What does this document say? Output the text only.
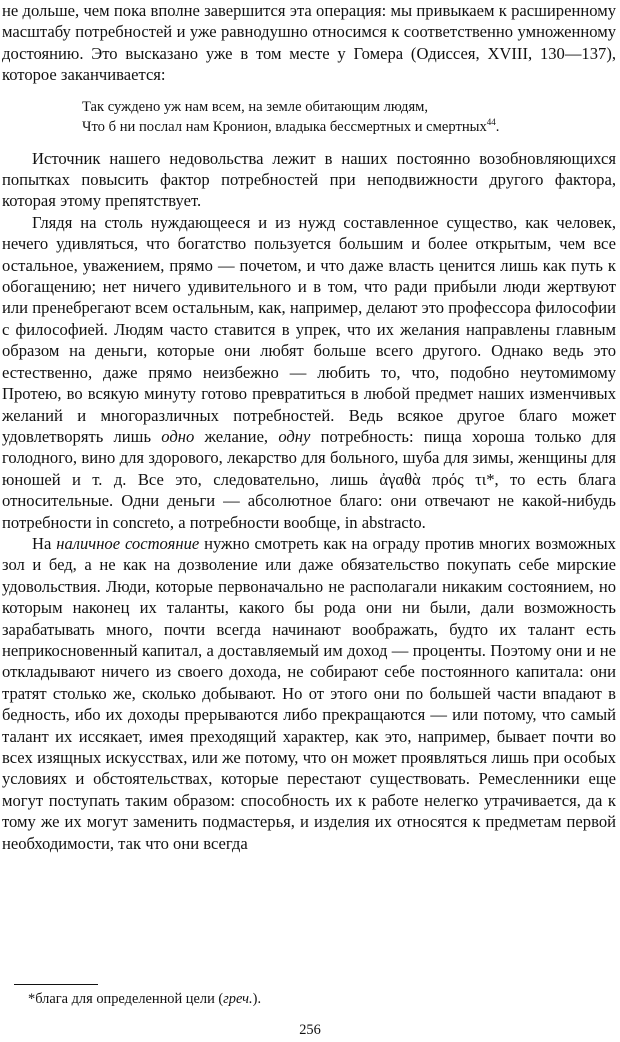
не дольше, чем пока вполне завершится эта операция: мы привыкаем к расширенному масштабу потребностей и уже равнодушно относимся к соответственно умноженному достоянию. Это высказано уже в том месте у Гомера (Одиссея, XVIII, 130—137), которое заканчивается:

Так суждено уж нам всем, на земле обитающим людям,
Что б ни послал нам Кронион, владыка бессмертных и смертных$^{44}$.

Источник нашего недовольства лежит в наших постоянно возобновляющихся попытках повысить фактор потребностей при неподвижности другого фактора, которая этому препятствует.

Глядя на столь нуждающееся и из нужд составленное существо, как человек, нечего удивляться, что богатство пользуется большим и более открытым, чем все остальное, уважением, прямо — почетом, и что даже власть ценится лишь как путь к обогащению; нет ничего удивительного и в том, что ради прибыли люди жертвуют или пренебрегают всем остальным, как, например, делают это профессора философии с философией. Людям часто ставится в упрек, что их желания направлены главным образом на деньги, которые они любят больше всего другого. Однако ведь это естественно, даже прямо неизбежно — любить то, что, подобно неутомимому Протею, во всякую минуту готово превратиться в любой предмет наших изменчивых желаний и многоразличных потребностей. Ведь всякое другое благо может удовлетворять лишь одно желание, одну потребность: пища хороша только для голодного, вино для здорового, лекарство для больного, шуба для зимы, женщины для юношей и т. д. Все это, следовательно, лишь ἀγαθὰ πρός τι*, то есть блага относительные. Одни деньги — абсолютное благо: они отвечают не какой-нибудь потребности in concreto, а потребности вообще, in abstracto.

На наличное состояние нужно смотреть как на ограду против многих возможных зол и бед, а не как на дозволение или даже обязательство покупать себе мирские удовольствия. Люди, которые первоначально не располагали никаким состоянием, но которым наконец их таланты, какого бы рода они ни были, дали возможность зарабатывать много, почти всегда начинают воображать, будто их талант есть неприкосновенный капитал, а доставляемый им доход — проценты. Поэтому они и не откладывают ничего из своего дохода, не собирают себе постоянного капитала: они тратят столько же, сколько добывают. Но от этого они по большей части впадают в бедность, ибо их доходы прерываются либо прекращаются — или потому, что самый талант их иссякает, имея преходящий характер, как это, например, бывает почти во всех изящных искусствах, или же потому, что он может проявляться лишь при особых условиях и обстоятельствах, которые перестают существовать. Ремесленники еще могут поступать таким образом: способность их к работе нелегко утрачивается, да к тому же их могут заменить подмастерья, и изделия их относятся к предметам первой необходимости, так что они всегда

*блага для определенной цели (греч.).
256
